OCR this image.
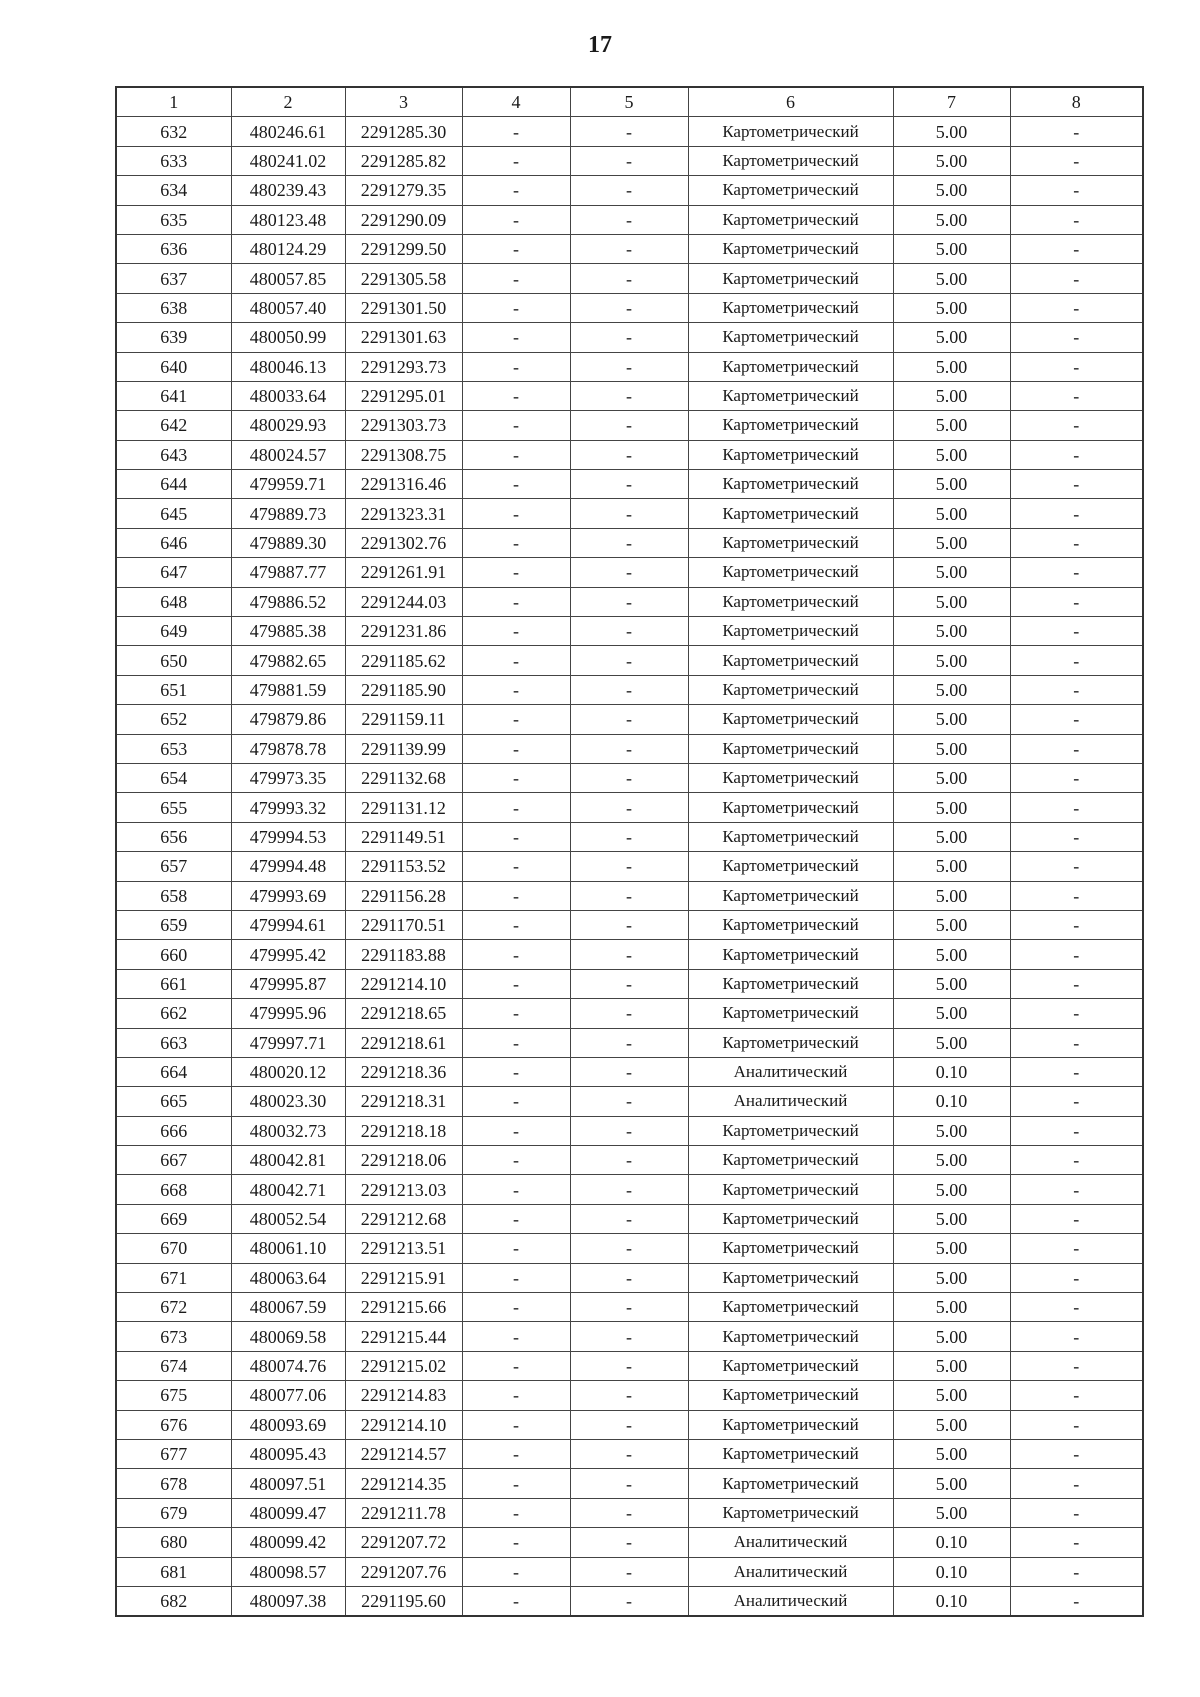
17
1	2	3	4	5	6	7	8
632	480246.61	2291285.30	-	-	Картометрический	5.00	-
633	480241.02	2291285.82	-	-	Картометрический	5.00	-
634	480239.43	2291279.35	-	-	Картометрический	5.00	-
635	480123.48	2291290.09	-	-	Картометрический	5.00	-
636	480124.29	2291299.50	-	-	Картометрический	5.00	-
637	480057.85	2291305.58	-	-	Картометрический	5.00	-
638	480057.40	2291301.50	-	-	Картометрический	5.00	-
639	480050.99	2291301.63	-	-	Картометрический	5.00	-
640	480046.13	2291293.73	-	-	Картометрический	5.00	-
641	480033.64	2291295.01	-	-	Картометрический	5.00	-
642	480029.93	2291303.73	-	-	Картометрический	5.00	-
643	480024.57	2291308.75	-	-	Картометрический	5.00	-
644	479959.71	2291316.46	-	-	Картометрический	5.00	-
645	479889.73	2291323.31	-	-	Картометрический	5.00	-
646	479889.30	2291302.76	-	-	Картометрический	5.00	-
647	479887.77	2291261.91	-	-	Картометрический	5.00	-
648	479886.52	2291244.03	-	-	Картометрический	5.00	-
649	479885.38	2291231.86	-	-	Картометрический	5.00	-
650	479882.65	2291185.62	-	-	Картометрический	5.00	-
651	479881.59	2291185.90	-	-	Картометрический	5.00	-
652	479879.86	2291159.11	-	-	Картометрический	5.00	-
653	479878.78	2291139.99	-	-	Картометрический	5.00	-
654	479973.35	2291132.68	-	-	Картометрический	5.00	-
655	479993.32	2291131.12	-	-	Картометрический	5.00	-
656	479994.53	2291149.51	-	-	Картометрический	5.00	-
657	479994.48	2291153.52	-	-	Картометрический	5.00	-
658	479993.69	2291156.28	-	-	Картометрический	5.00	-
659	479994.61	2291170.51	-	-	Картометрический	5.00	-
660	479995.42	2291183.88	-	-	Картометрический	5.00	-
661	479995.87	2291214.10	-	-	Картометрический	5.00	-
662	479995.96	2291218.65	-	-	Картометрический	5.00	-
663	479997.71	2291218.61	-	-	Картометрический	5.00	-
664	480020.12	2291218.36	-	-	Аналитический	0.10	-
665	480023.30	2291218.31	-	-	Аналитический	0.10	-
666	480032.73	2291218.18	-	-	Картометрический	5.00	-
667	480042.81	2291218.06	-	-	Картометрический	5.00	-
668	480042.71	2291213.03	-	-	Картометрический	5.00	-
669	480052.54	2291212.68	-	-	Картометрический	5.00	-
670	480061.10	2291213.51	-	-	Картометрический	5.00	-
671	480063.64	2291215.91	-	-	Картометрический	5.00	-
672	480067.59	2291215.66	-	-	Картометрический	5.00	-
673	480069.58	2291215.44	-	-	Картометрический	5.00	-
674	480074.76	2291215.02	-	-	Картометрический	5.00	-
675	480077.06	2291214.83	-	-	Картометрический	5.00	-
676	480093.69	2291214.10	-	-	Картометрический	5.00	-
677	480095.43	2291214.57	-	-	Картометрический	5.00	-
678	480097.51	2291214.35	-	-	Картометрический	5.00	-
679	480099.47	2291211.78	-	-	Картометрический	5.00	-
680	480099.42	2291207.72	-	-	Аналитический	0.10	-
681	480098.57	2291207.76	-	-	Аналитический	0.10	-
682	480097.38	2291195.60	-	-	Аналитический	0.10	-
